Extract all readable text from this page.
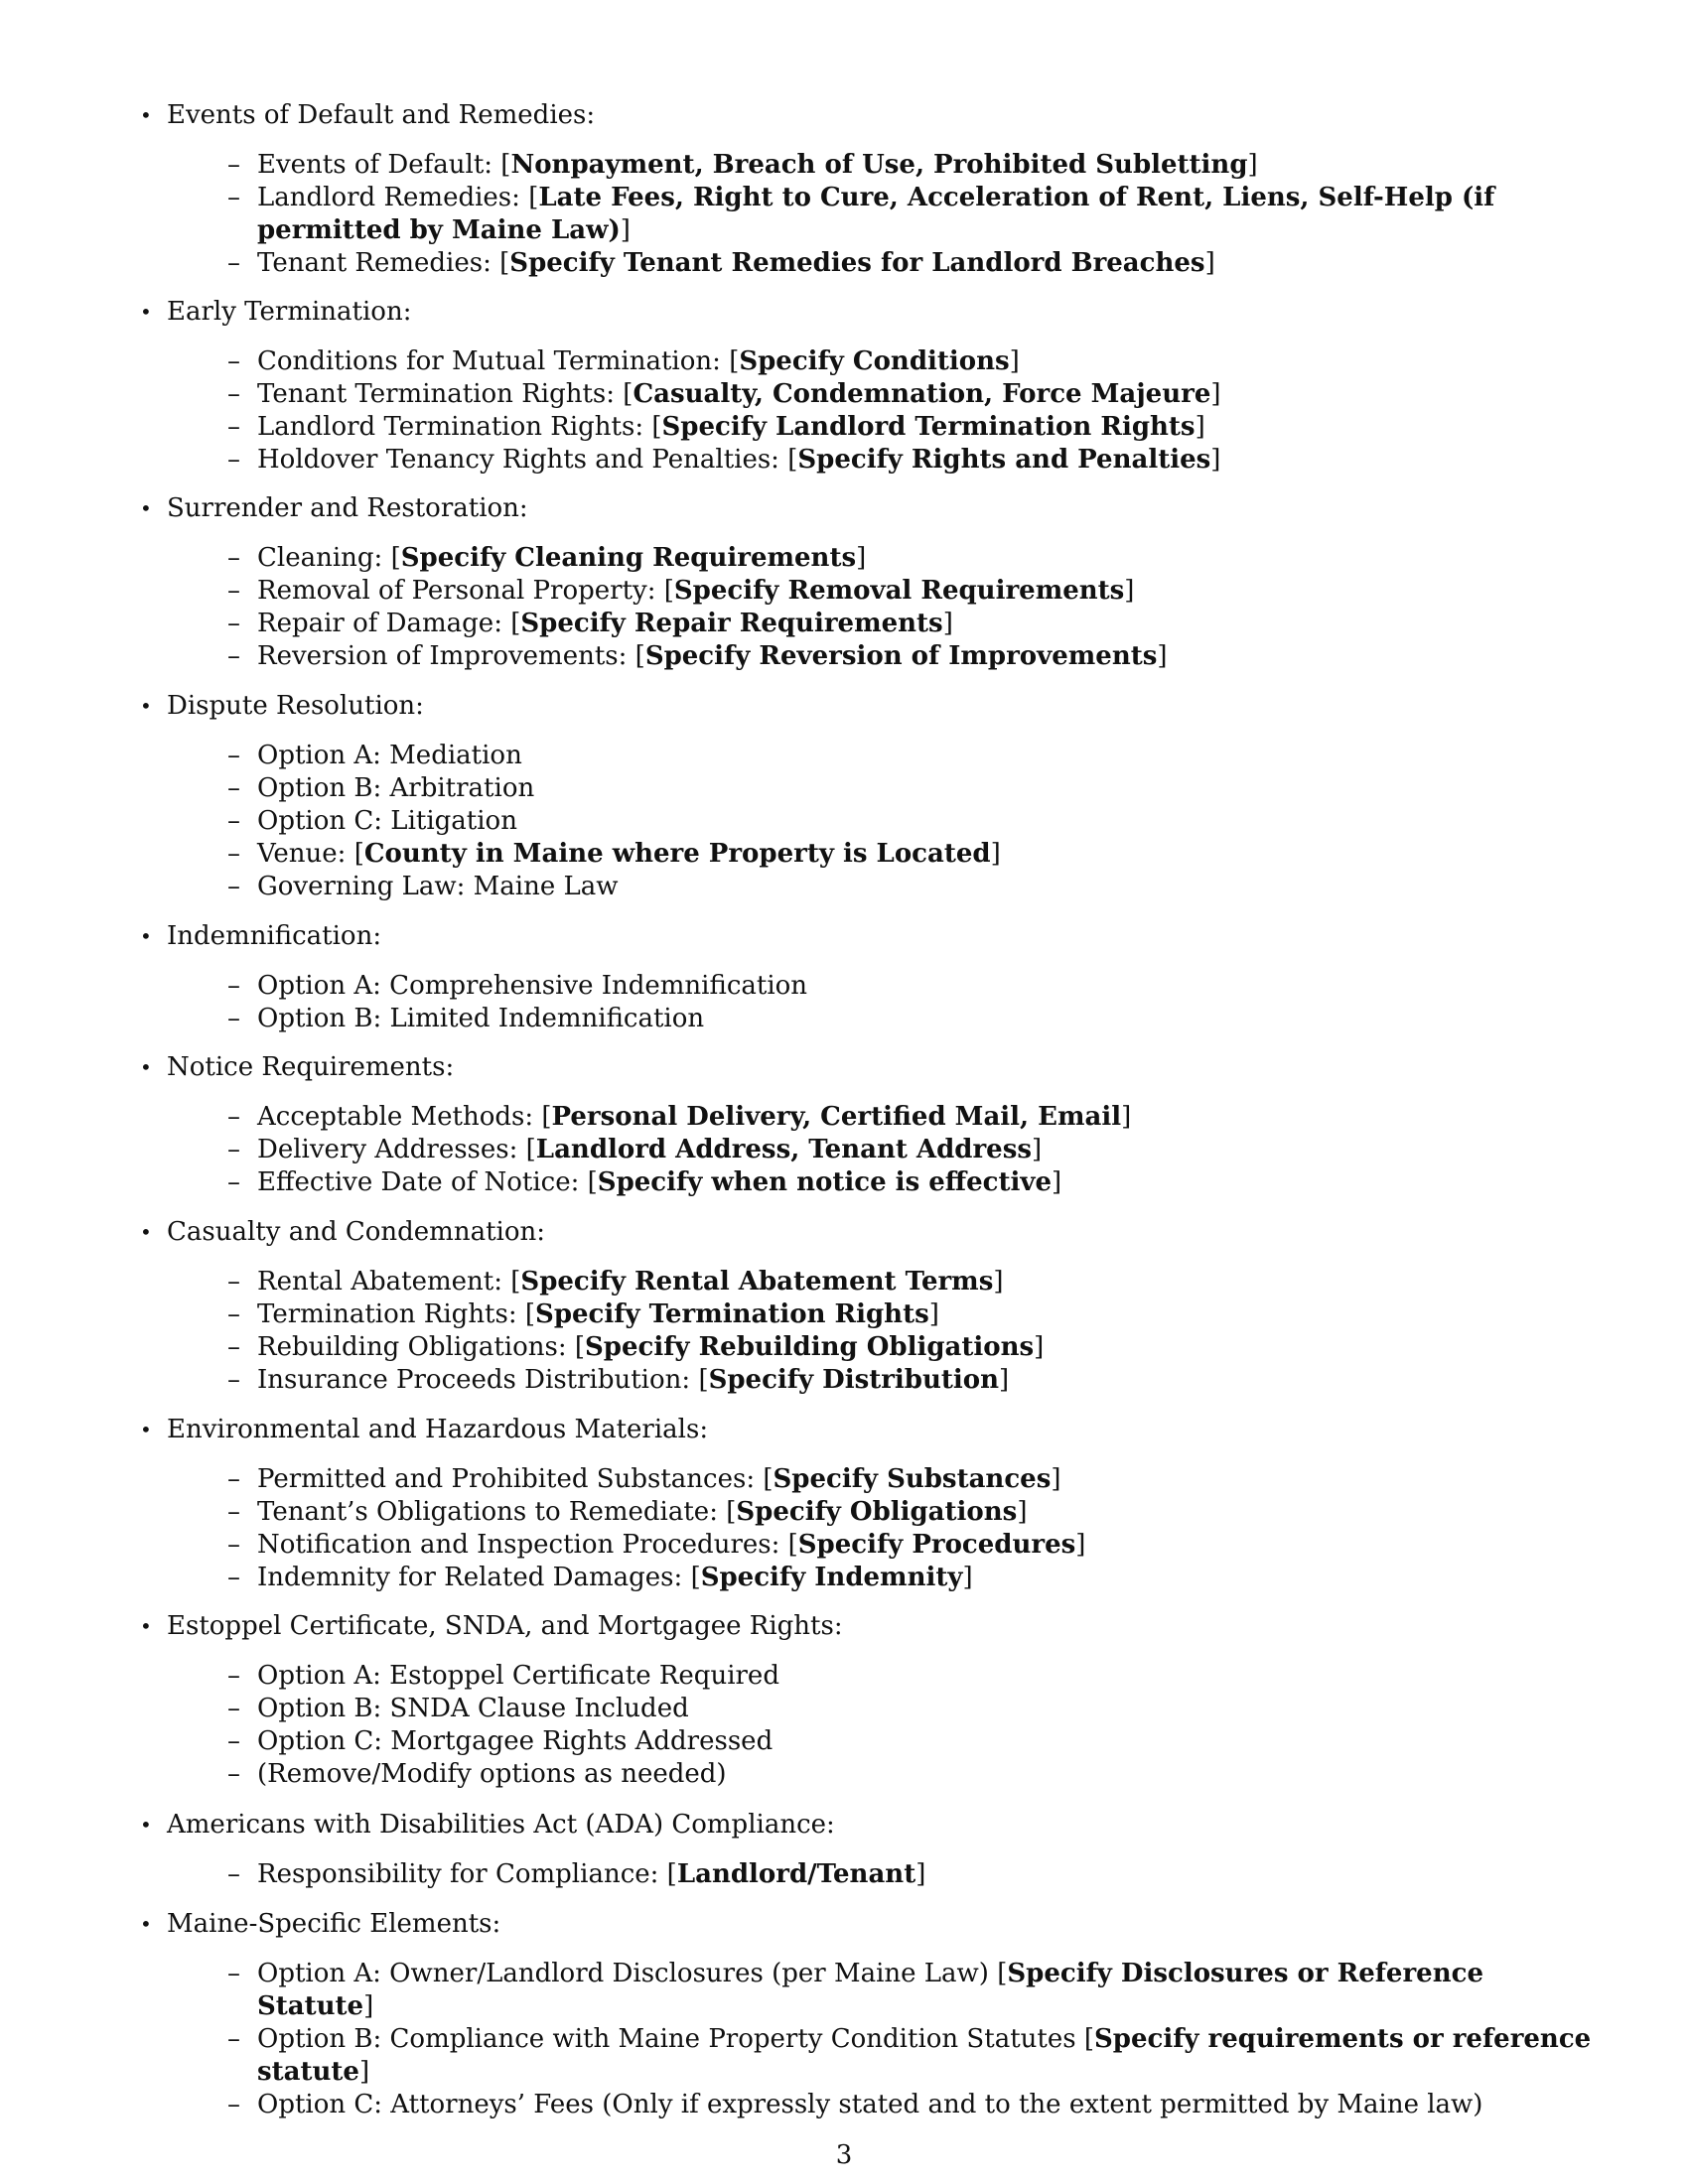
• Events of Default and Remedies:
– Events of Default: [Nonpayment, Breach of Use, Prohibited Subletting]
– Landlord Remedies: [Late Fees, Right to Cure, Acceleration of Rent, Liens, Self-Help (if permitted by Maine Law)]
– Tenant Remedies: [Specify Tenant Remedies for Landlord Breaches]
• Early Termination:
– Conditions for Mutual Termination: [Specify Conditions]
– Tenant Termination Rights: [Casualty, Condemnation, Force Majeure]
– Landlord Termination Rights: [Specify Landlord Termination Rights]
– Holdover Tenancy Rights and Penalties: [Specify Rights and Penalties]
• Surrender and Restoration:
– Cleaning: [Specify Cleaning Requirements]
– Removal of Personal Property: [Specify Removal Requirements]
– Repair of Damage: [Specify Repair Requirements]
– Reversion of Improvements: [Specify Reversion of Improvements]
• Dispute Resolution:
– Option A: Mediation
– Option B: Arbitration
– Option C: Litigation
– Venue: [County in Maine where Property is Located]
– Governing Law: Maine Law
• Indemnification:
– Option A: Comprehensive Indemnification
– Option B: Limited Indemnification
• Notice Requirements:
– Acceptable Methods: [Personal Delivery, Certified Mail, Email]
– Delivery Addresses: [Landlord Address, Tenant Address]
– Effective Date of Notice: [Specify when notice is effective]
• Casualty and Condemnation:
– Rental Abatement: [Specify Rental Abatement Terms]
– Termination Rights: [Specify Termination Rights]
– Rebuilding Obligations: [Specify Rebuilding Obligations]
– Insurance Proceeds Distribution: [Specify Distribution]
• Environmental and Hazardous Materials:
– Permitted and Prohibited Substances: [Specify Substances]
– Tenant’s Obligations to Remediate: [Specify Obligations]
– Notification and Inspection Procedures: [Specify Procedures]
– Indemnity for Related Damages: [Specify Indemnity]
• Estoppel Certificate, SNDA, and Mortgagee Rights:
– Option A: Estoppel Certificate Required
– Option B: SNDA Clause Included
– Option C: Mortgagee Rights Addressed
– (Remove/Modify options as needed)
• Americans with Disabilities Act (ADA) Compliance:
– Responsibility for Compliance: [Landlord/Tenant]
• Maine-Specific Elements:
– Option A: Owner/Landlord Disclosures (per Maine Law) [Specify Disclosures or Reference Statute]
– Option B: Compliance with Maine Property Condition Statutes [Specify requirements or reference statute]
– Option C: Attorneys’ Fees (Only if expressly stated and to the extent permitted by Maine law)
3
